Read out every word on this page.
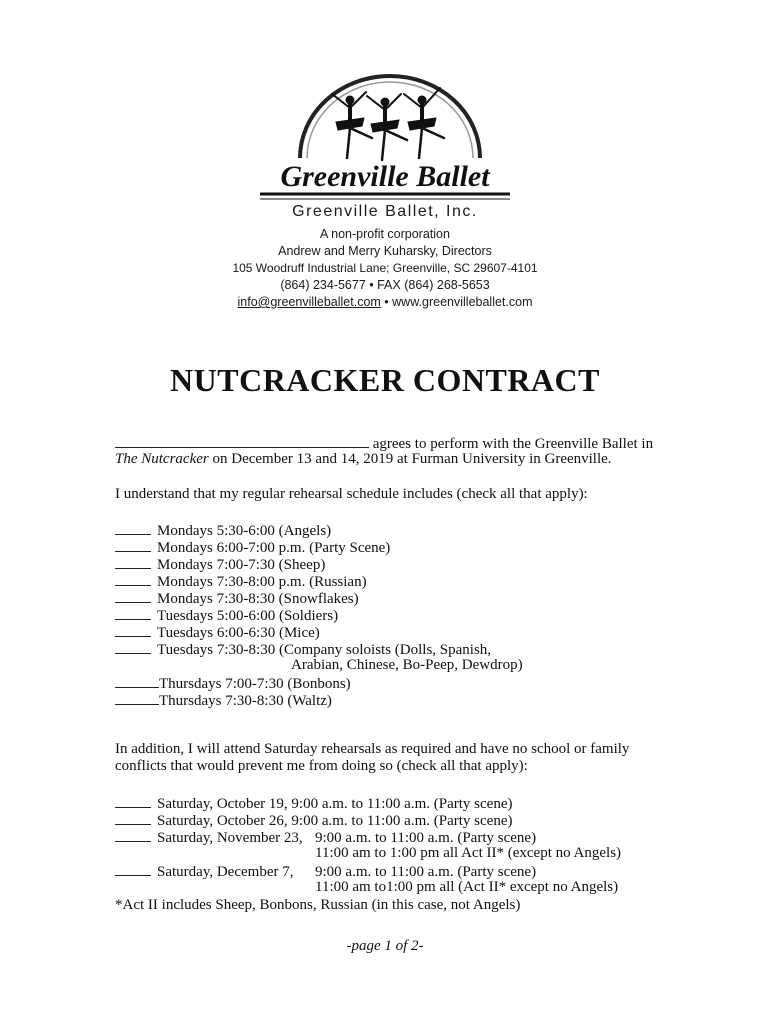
Greenville Ballet
Greenville Ballet, Inc.
A non-profit corporation
Andrew and Merry Kuharsky, Directors
105 Woodruff Industrial Lane; Greenville, SC 29607-4101
(864) 234-5677 • FAX (864) 268-5653
info@greenvilleballet.com • www.greenvilleballet.com
NUTCRACKER CONTRACT
agrees to perform with the Greenville Ballet in
The Nutcracker on December 13 and 14, 2019 at Furman University in Greenville.
I understand that my regular rehearsal schedule includes (check all that apply):
Mondays 5:30-6:00 (Angels)
Mondays 6:00-7:00 p.m. (Party Scene)
Mondays 7:00-7:30 (Sheep)
Mondays 7:30-8:00 p.m. (Russian)
Mondays 7:30-8:30 (Snowflakes)
Tuesdays 5:00-6:00 (Soldiers)
Tuesdays 6:00-6:30 (Mice)
Tuesdays 7:30-8:30 (Company soloists (Dolls, Spanish,
Arabian, Chinese, Bo-Peep, Dewdrop)
Thursdays 7:00-7:30 (Bonbons)
Thursdays 7:30-8:30 (Waltz)
In addition, I will attend Saturday rehearsals as required and have no school or family
conflicts that would prevent me from doing so (check all that apply):
Saturday, October 19, 9:00 a.m. to 11:00 a.m. (Party scene)
Saturday, October 26, 9:00 a.m. to 11:00 a.m. (Party scene)
Saturday, November 23, 9:00 a.m. to 11:00 a.m. (Party scene)
11:00 am to 1:00 pm all Act II* (except no Angels)
Saturday, December 7, 9:00 a.m. to 11:00 a.m. (Party scene)
11:00 am to1:00 pm all (Act II* except no Angels)
*Act II includes Sheep, Bonbons, Russian (in this case, not Angels)
-page 1 of 2-
